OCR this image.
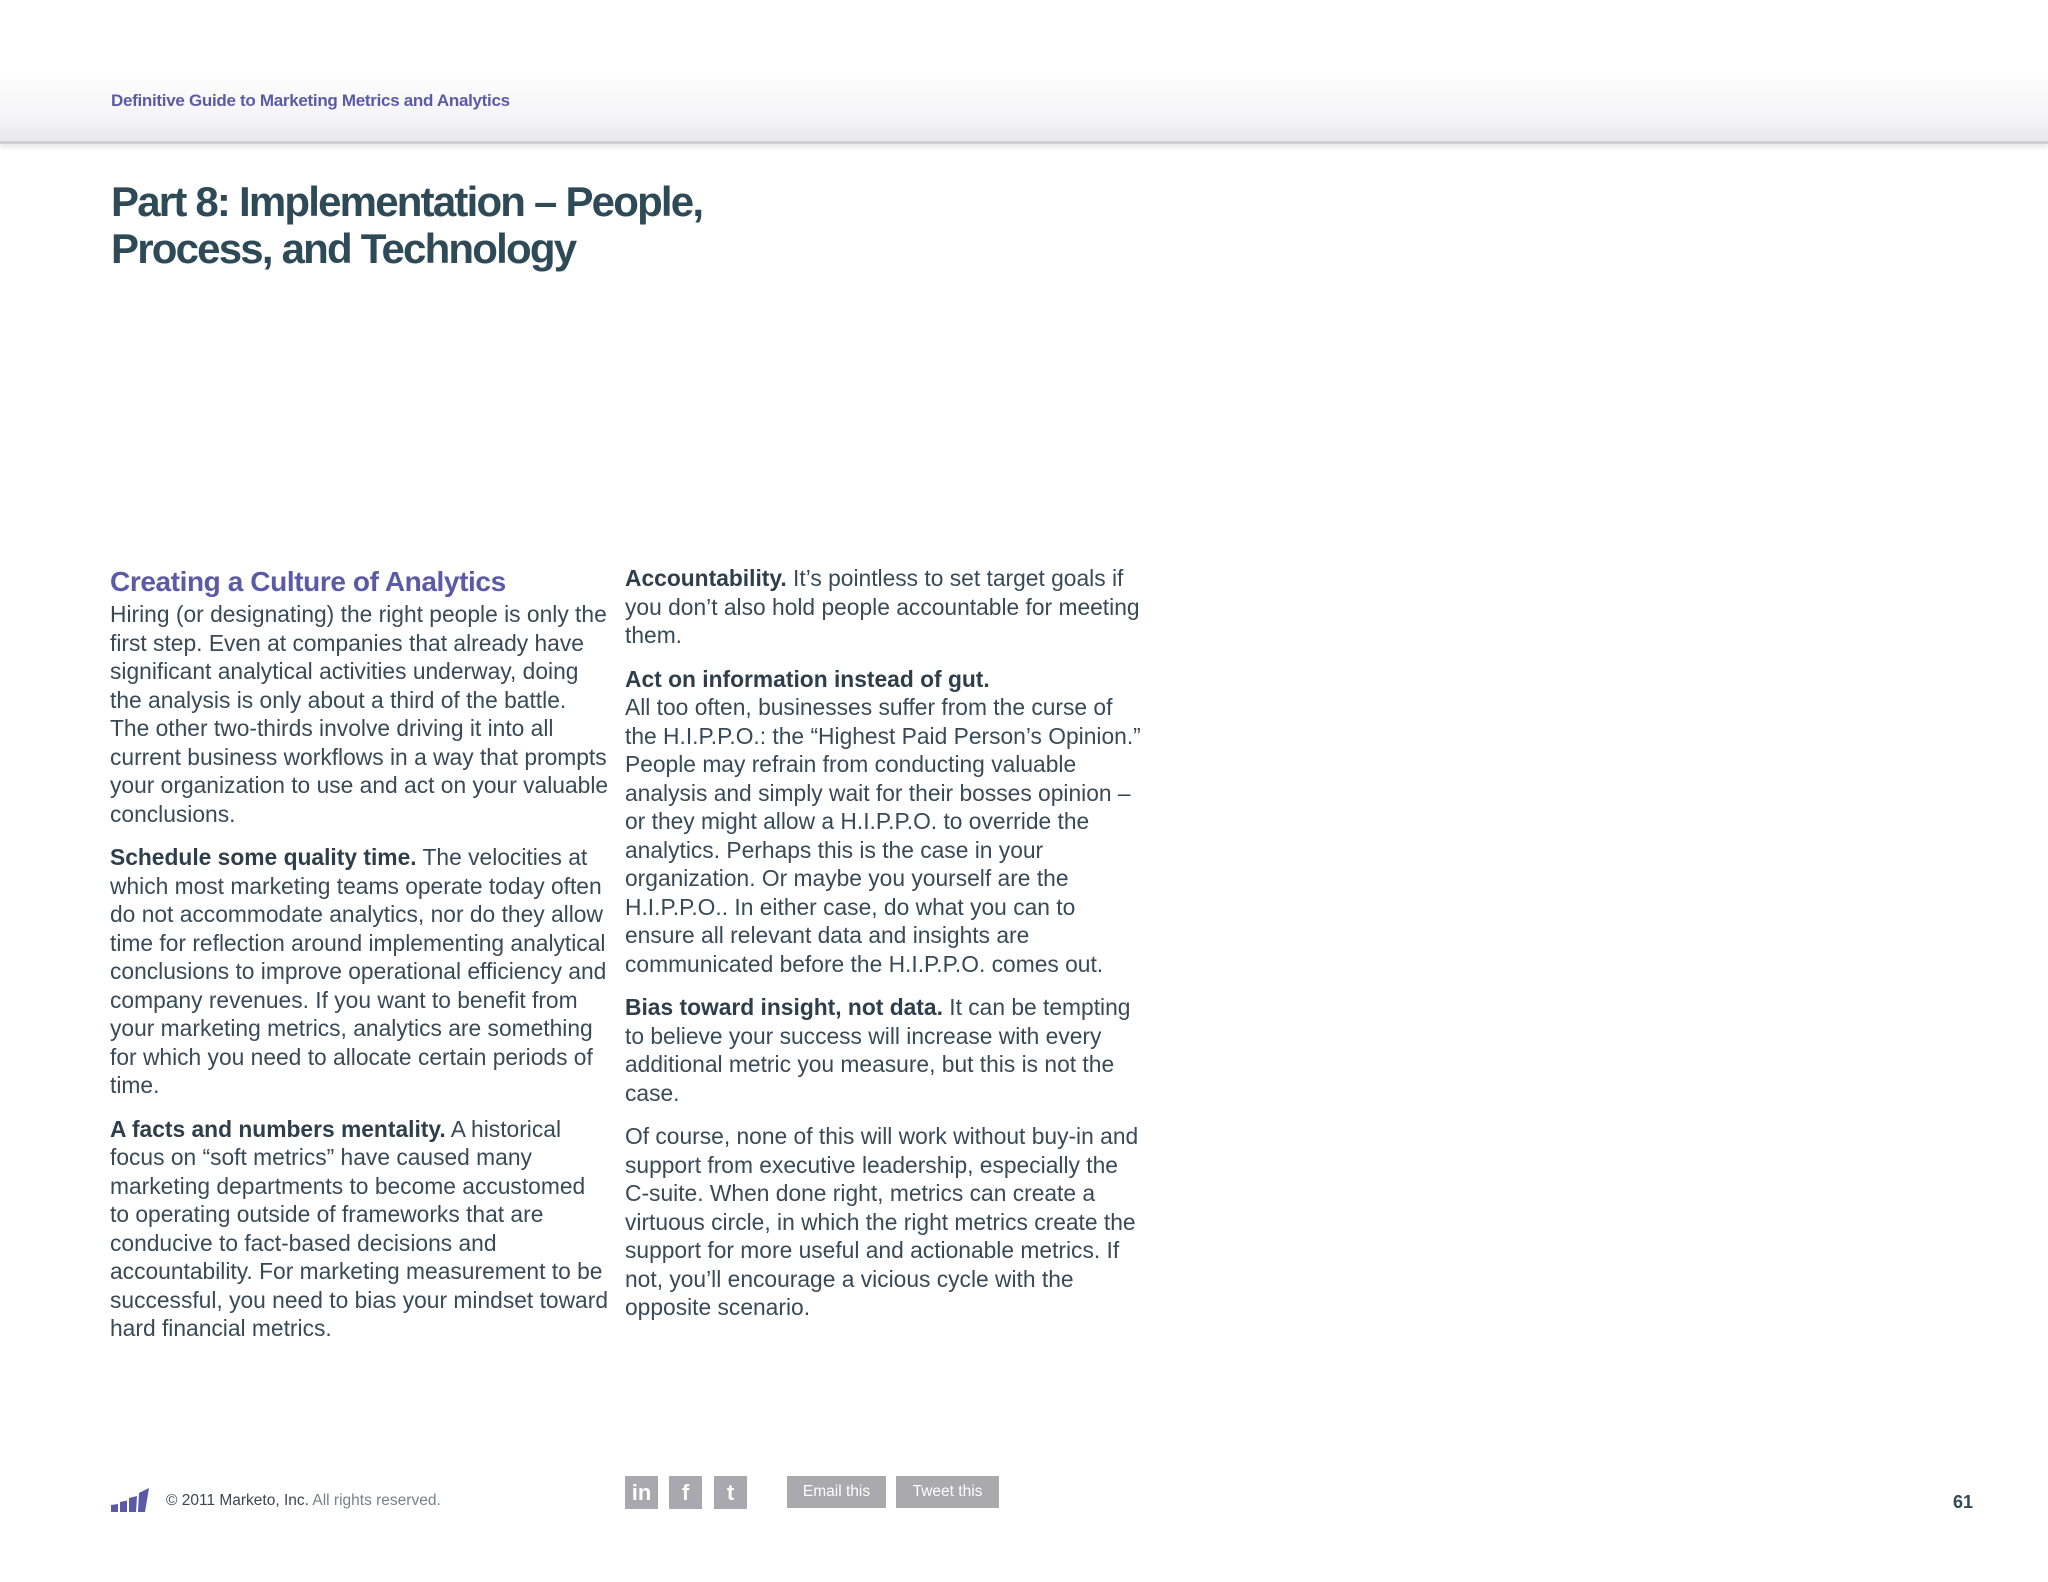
Definitive Guide to Marketing Metrics and Analytics
Part 8: Implementation – People, Process, and Technology
Creating a Culture of Analytics

Hiring (or designating) the right people is only the first step. Even at companies that already have significant analytical activities underway, doing the analysis is only about a third of the battle. The other two-thirds involve driving it into all current business workflows in a way that prompts your organization to use and act on your valuable conclusions.

Schedule some quality time. The velocities at which most marketing teams operate today often do not accommodate analytics, nor do they allow time for reflection around implementing analytical conclusions to improve operational efficiency and company revenues. If you want to benefit from your marketing metrics, analytics are something for which you need to allocate certain periods of time.

A facts and numbers mentality. A historical focus on “soft metrics” have caused many marketing departments to become accustomed to operating outside of frameworks that are conducive to fact-based decisions and accountability. For marketing measurement to be successful, you need to bias your mindset toward hard financial metrics.

Accountability. It’s pointless to set target goals if you don’t also hold people accountable for meeting them.

Act on information instead of gut.
All too often, businesses suffer from the curse of the H.I.P.P.O.: the “Highest Paid Person’s Opinion.” People may refrain from conducting valuable analysis and simply wait for their bosses opinion – or they might allow a H.I.P.P.O. to override the analytics. Perhaps this is the case in your organization. Or maybe you yourself are the H.I.P.P.O.. In either case, do what you can to ensure all relevant data and insights are communicated before the H.I.P.P.O. comes out.

Bias toward insight, not data. It can be tempting to believe your success will increase with every additional metric you measure, but this is not the case.

Of course, none of this will work without buy-in and support from executive leadership, especially the C-suite. When done right, metrics can create a virtuous circle, in which the right metrics create the support for more useful and actionable metrics. If not, you’ll encourage a vicious cycle with the opposite scenario.

© 2011 Marketo, Inc. All rights reserved.	in	f	t	Email this	Tweet this
61
